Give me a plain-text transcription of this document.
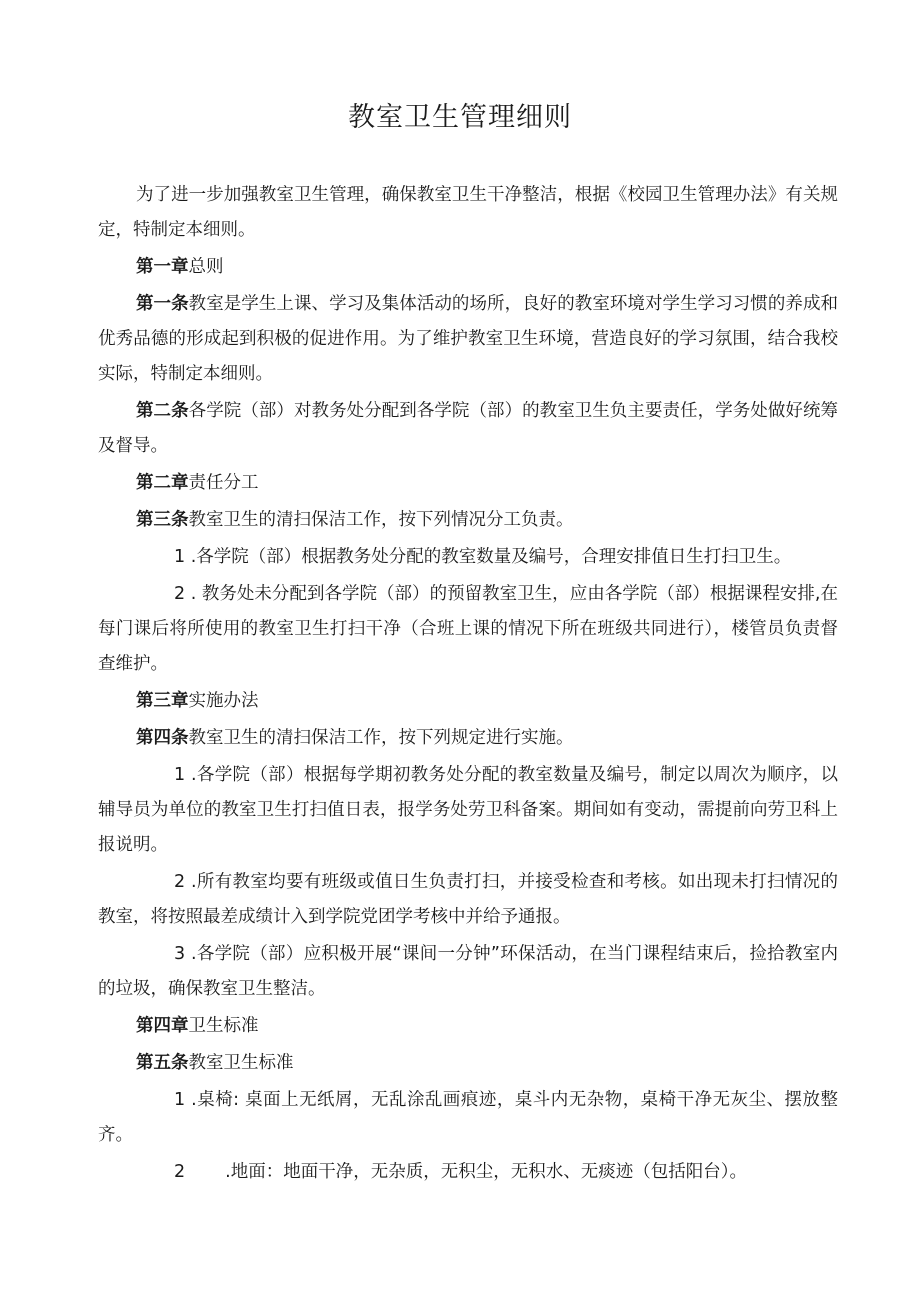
教室卫生管理细则

为了进一步加强教室卫生管理，确保教室卫生干净整洁，根据《校园卫生管理办法》有关规定，特制定本细则。

第一章总则

第一条教室是学生上课、学习及集体活动的场所，良好的教室环境对学生学习习惯的养成和优秀品德的形成起到积极的促进作用。为了维护教室卫生环境，营造良好的学习氛围，结合我校实际，特制定本细则。

第二条各学院（部）对教务处分配到各学院（部）的教室卫生负主要责任，学务处做好统筹及督导。

第二章责任分工

第三条教室卫生的清扫保洁工作，按下列情况分工负责。

1 .各学院（部）根据教务处分配的教室数量及编号，合理安排值日生打扫卫生。

2 . 教务处未分配到各学院（部）的预留教室卫生，应由各学院（部）根据课程安排,在每门课后将所使用的教室卫生打扫干净（合班上课的情况下所在班级共同进行），楼管员负责督查维护。

第三章实施办法

第四条教室卫生的清扫保洁工作，按下列规定进行实施。

1 .各学院（部）根据每学期初教务处分配的教室数量及编号，制定以周次为顺序，以辅导员为单位的教室卫生打扫值日表，报学务处劳卫科备案。期间如有变动，需提前向劳卫科上报说明。

2 .所有教室均要有班级或值日生负责打扫，并接受检查和考核。如出现未打扫情况的教室，将按照最差成绩计入到学院党团学考核中并给予通报。

3 .各学院（部）应积极开展“课间一分钟”环保活动，在当门课程结束后，捡拾教室内的垃圾，确保教室卫生整洁。

第四章卫生标准

第五条教室卫生标准

1 .桌椅: 桌面上无纸屑，无乱涂乱画痕迹，桌斗内无杂物，桌椅干净无灰尘、摆放整齐。

2 .地面：地面干净，无杂质，无积尘，无积水、无痰迹（包括阳台）。
